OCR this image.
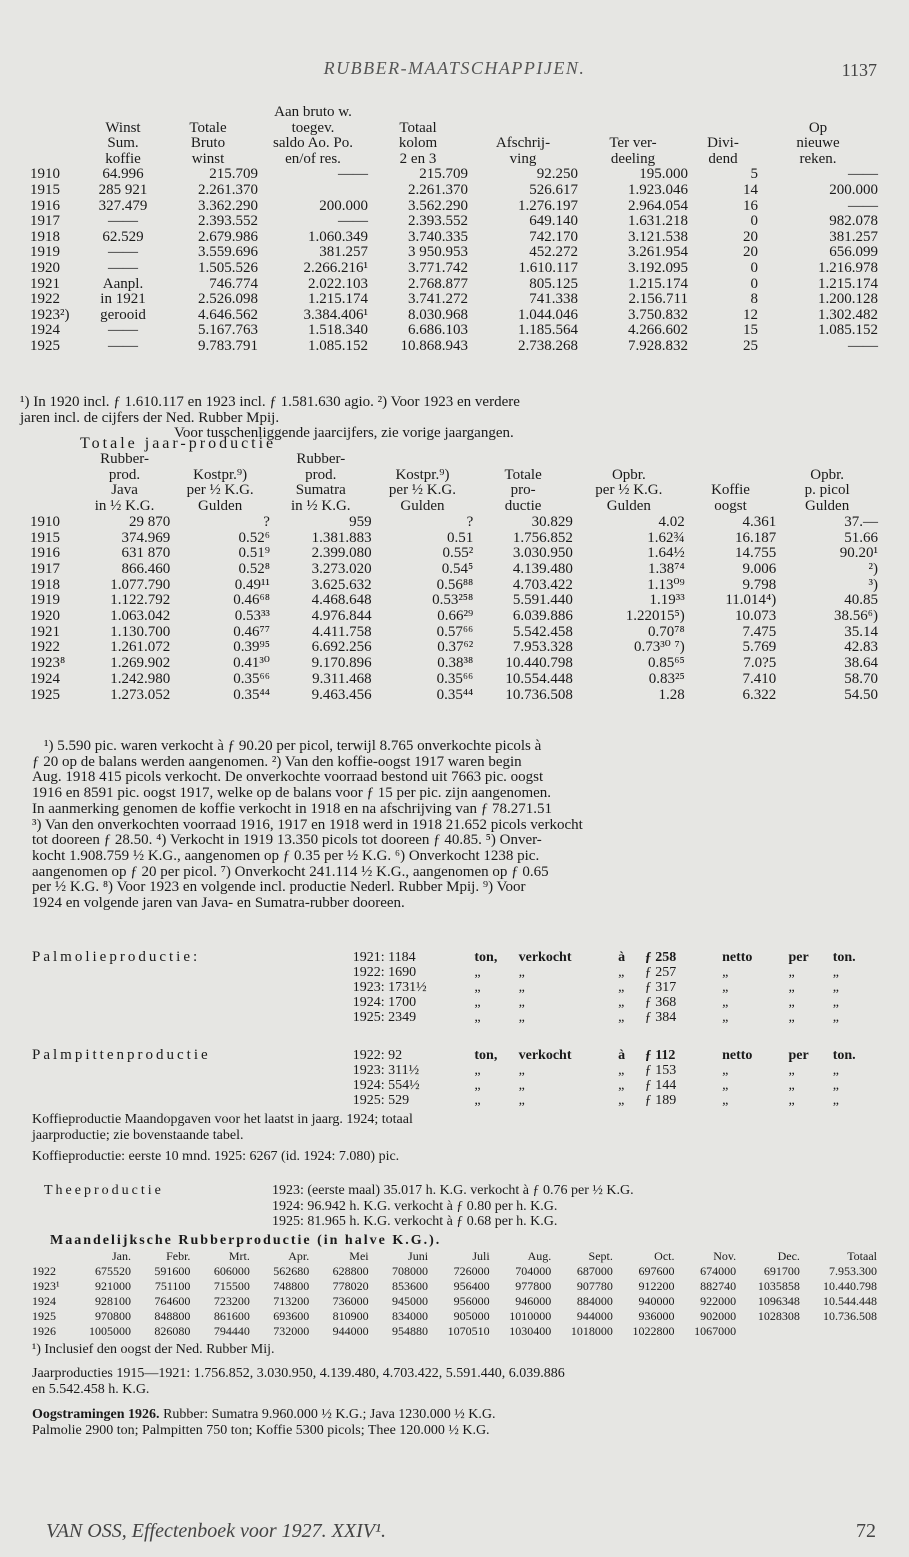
RUBBER-MAATSCHAPPIJEN.	1137
			Aan bruto w.					
	Winst	Totale	toegev.	Totaal				Op
	Sum.	Bruto	saldo Ao. Po.	kolom	Afschrij-	Ter ver-	Divi-	nieuwe
	koffie	winst	en/of res.	2 en 3	ving	deeling	dend	reken.
1910	64.996	215.709	——	215.709	92.250	195.000	5	——
1915	285 921	2.261.370		2.261.370	526.617	1.923.046	14	200.000
1916	327.479	3.362.290	200.000	3.562.290	1.276.197	2.964.054	16	——
1917	——	2.393.552	——	2.393.552	649.140	1.631.218	0	982.078
1918	62.529	2.679.986	1.060.349	3.740.335	742.170	3.121.538	20	381.257
1919	——	3.559.696	381.257	3 950.953	452.272	3.261.954	20	656.099
1920	——	1.505.526	2.266.216¹	3.771.742	1.610.117	3.192.095	0	1.216.978
1921	Aanpl.	746.774	2.022.103	2.768.877	805.125	1.215.174	0	1.215.174
1922	in 1921	2.526.098	1.215.174	3.741.272	741.338	2.156.711	8	1.200.128
1923²)	gerooid	4.646.562	3.384.406¹	8.030.968	1.044.046	3.750.832	12	1.302.482
1924	——	5.167.763	1.518.340	6.686.103	1.185.564	4.266.602	15	1.085.152
1925	——	9.783.791	1.085.152	10.868.943	2.738.268	7.928.832	25	——
¹) In 1920 incl. ƒ 1.610.117 en 1923 incl. ƒ 1.581.630 agio. ²) Voor 1923 en verdere
jaren incl. de cijfers der Ned. Rubber Mpij.
Voor tusschenliggende jaarcijfers, zie vorige jaargangen.
Totale jaar-productie
	Rubber-		Rubber-					
	prod.	Kostpr.⁹)	prod.	Kostpr.⁹)	Totale	Opbr.		Opbr.
	Java	per ½ K.G.	Sumatra	per ½ K.G.	pro-	per ½ K.G.	Koffie	p. picol
	in ½ K.G.	Gulden	in ½ K.G.	Gulden	ductie	Gulden	oogst	Gulden
1910	29 870	?	959	?	30.829	4.02	4.361	37.—
1915	374.969	0.52⁶	1.381.883	0.51	1.756.852	1.62¾	16.187	51.66
1916	631 870	0.51⁹	2.399.080	0.55²	3.030.950	1.64½	14.755	90.20¹
1917	866.460	0.52⁸	3.273.020	0.54⁵	4.139.480	1.38⁷⁴	9.006	²)
1918	1.077.790	0.49¹¹	3.625.632	0.56⁸⁸	4.703.422	1.13⁰⁹	9.798	³)
1919	1.122.792	0.46⁶⁸	4.468.648	0.53²⁵⁸	5.591.440	1.19³³	11.014⁴)	40.85
1920	1.063.042	0.53³³	4.976.844	0.66²⁹	6.039.886	1.22015⁵)	10.073	38.56⁶)
1921	1.130.700	0.46⁷⁷	4.411.758	0.57⁶⁶	5.542.458	0.70⁷⁸	7.475	35.14
1922	1.261.072	0.39⁹⁵	6.692.256	0.37⁶²	7.953.328	0.73³⁰ ⁷)	5.769	42.83
1923⁸	1.269.902	0.41³⁰	9.170.896	0.38³⁸	10.440.798	0.85⁶⁵	7.0?5	38.64
1924	1.242.980	0.35⁶⁶	9.311.468	0.35⁶⁶	10.554.448	0.83²⁵	7.410	58.70
1925	1.273.052	0.35⁴⁴	9.463.456	0.35⁴⁴	10.736.508	1.28	6.322	54.50
¹) 5.590 pic. waren verkocht à ƒ 90.20 per picol, terwijl 8.765 onverkochte picols à
ƒ 20 op de balans werden aangenomen. ²) Van den koffie-oogst 1917 waren begin
Aug. 1918 415 picols verkocht. De onverkochte voorraad bestond uit 7663 pic. oogst
1916 en 8591 pic. oogst 1917, welke op de balans voor ƒ 15 per pic. zijn aangenomen.
In aanmerking genomen de koffie verkocht in 1918 en na afschrijving van ƒ 78.271.51
³) Van den onverkochten voorraad 1916, 1917 en 1918 werd in 1918 21.652 picols verkocht
tot dooreen ƒ 28.50. ⁴) Verkocht in 1919 13.350 picols tot dooreen ƒ 40.85. ⁵) Onver-
kocht 1.908.759 ½ K.G., aangenomen op ƒ 0.35 per ½ K.G. ⁶) Onverkocht 1238 pic.
aangenomen op ƒ 20 per picol. ⁷) Onverkocht 241.114 ½ K.G., aangenomen op ƒ 0.65
per ½ K.G. ⁸) Voor 1923 en volgende incl. productie Nederl. Rubber Mpij. ⁹) Voor
1924 en volgende jaren van Java- en Sumatra-rubber dooreen.
Palmolieproductie:	1921: 1184	ton,	verkocht	à	ƒ 258	netto	per	ton.
	1922: 1690	„	„	„	ƒ 257	„	„	„
	1923: 1731½	„	„	„	ƒ 317	„	„	„
	1924: 1700	„	„	„	ƒ 368	„	„	„
	1925: 2349	„	„	„	ƒ 384	„	„	„
Palmpittenproductie	1922: 92	ton,	verkocht	à	ƒ 112	netto	per	ton.
	1923: 311½	„	„	„	ƒ 153	„	„	„
	1924: 554½	„	„	„	ƒ 144	„	„	„
	1925: 529	„	„	„	ƒ 189	„	„	„
Koffieproductie Maandopgaven voor het laatst in jaarg. 1924; totaal
jaarproductie; zie bovenstaande tabel.
Koffieproductie: eerste 10 mnd. 1925: 6267 (id. 1924: 7.080) pic.
Theeproductie	1923: (eerste maal) 35.017 h. K.G. verkocht à ƒ 0.76 per ½ K.G.
1924: 96.942 h. K.G. verkocht à ƒ 0.80 per h. K.G.
1925: 81.965 h. K.G. verkocht à ƒ 0.68 per h. K.G.
Maandelijksche Rubberproductie (in halve K.G.).
	Jan.	Febr.	Mrt.	Apr.	Mei	Juni	Juli	Aug.	Sept.	Oct.	Nov.	Dec.	Totaal
1922	675520	591600	606000	562680	628800	708000	726000	704000	687000	697600	674000	691700	7.953.300
1923¹	921000	751100	715500	748800	778020	853600	956400	977800	907780	912200	882740	1035858	10.440.798
1924	928100	764600	723200	713200	736000	945000	956000	946000	884000	940000	922000	1096348	10.544.448
1925	970800	848800	861600	693600	810900	834000	905000	1010000	944000	936000	902000	1028308	10.736.508
1926	1005000	826080	794440	732000	944000	954880	1070510	1030400	1018000	1022800	1067000		
¹) Inclusief den oogst der Ned. Rubber Mij.
Jaarproducties 1915—1921: 1.756.852, 3.030.950, 4.139.480, 4.703.422, 5.591.440, 6.039.886
en 5.542.458 h. K.G.
Oogstramingen 1926. Rubber: Sumatra 9.960.000 ½ K.G.; Java 1230.000 ½ K.G.
Palmolie 2900 ton; Palmpitten 750 ton; Koffie 5300 picols; Thee 120.000 ½ K.G.
VAN OSS, Effectenboek voor 1927. XXIV¹.	72
